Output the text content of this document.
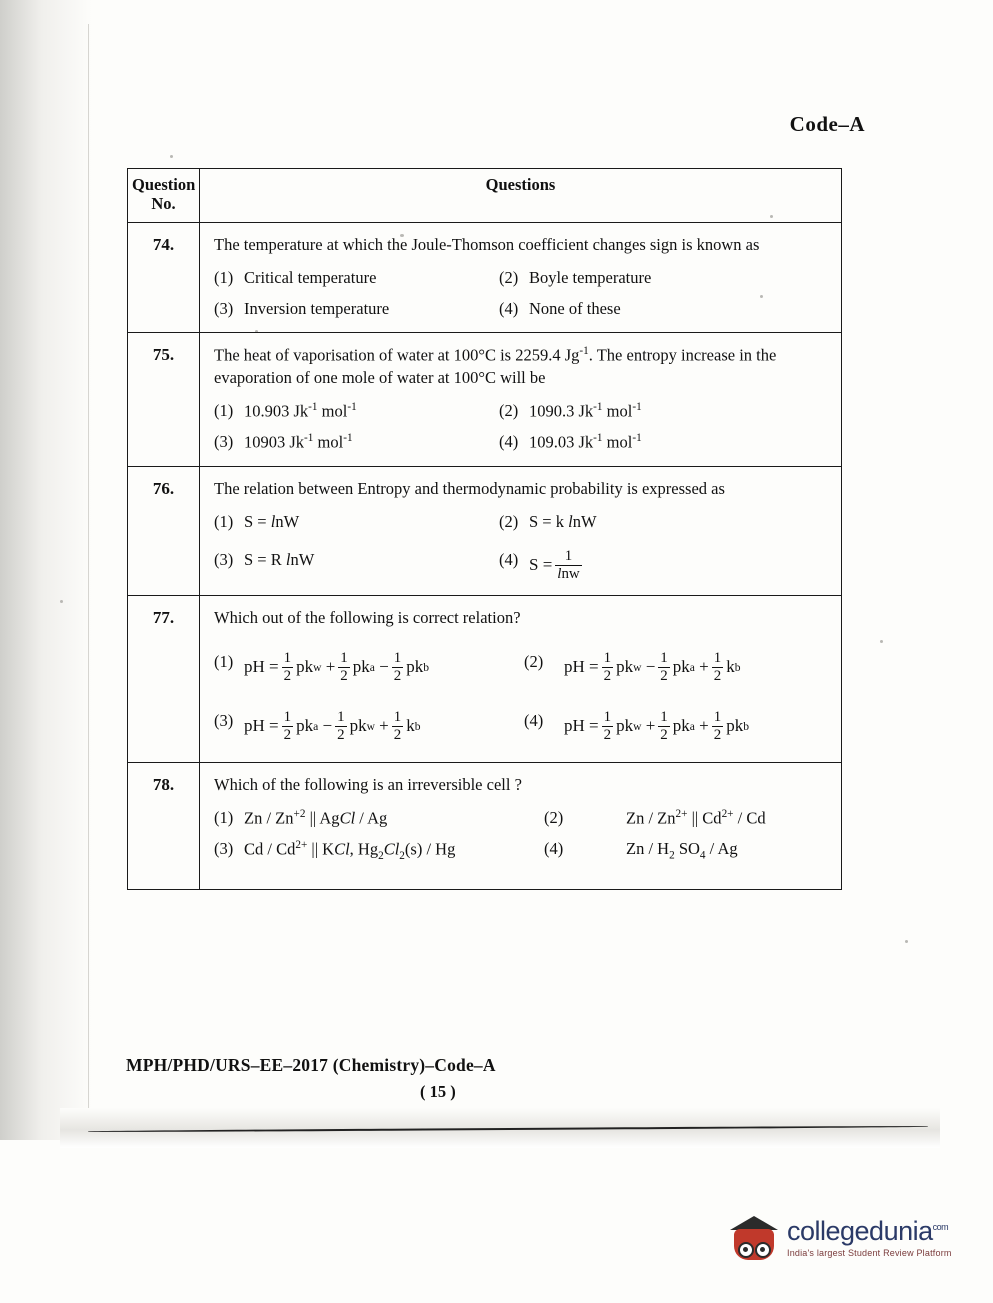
Code–A
Question
No.	Questions

74.	The temperature at which the Joule-Thomson coefficient changes sign is known as
(1) Critical temperature	(2) Boyle temperature
(3) Inversion temperature	(4) None of these

75.	The heat of vaporisation of water at 100°C is 2259.4 $Jg^{-1}$. The entropy increase in the evaporation of one mole of water at 100°C will be
(1) 10.903 $Jk^{-1}$ mol$^{-1}$	(2) 1090.3 $Jk^{-1}$ mol$^{-1}$
(3) 10903 $Jk^{-1}$ mol$^{-1}$	(4) 109.03 $Jk^{-1}$ mol$^{-1}$

76.	The relation between Entropy and thermodynamic probability is expressed as
(1) S = lnW	(2) S = k lnW
(3) S = R lnW	(4) $S = \frac{1}{\ln w}$

77.	Which out of the following is correct relation?
(1) pH = $\frac{1}{2}$ pk $w + \frac{1}{2}$ pk $a - \frac{1}{2}$ pk b	(2)	pH = $\frac{1}{2}$ pk $w - \frac{1}{2}$ pk $a + \frac{1}{2}$ k b
(3) pH = $\frac{1}{2}$ pk $a - \frac{1}{2}$ pk $w + \frac{1}{2}$ k b	(4)	pH = $\frac{1}{2}$ pk $w + \frac{1}{2}$ pk $a + \frac{1}{2}$ pk b

78.	Which of the following is an irreversible cell ?
(1) Zn / $Zn^{+2}$ || AgCl / Ag	(2)	Zn / $Zn^{2+}$ || $Cd^{2+}$ / Cd
(3) Cd / $Cd^{2+}$ || KCl, $Hg_2Cl_2(s)$ / Hg	(4)	Zn / $H_2$ $SO_4$ / Ag
MPH/PHD/URS–EE–2017 (Chemistry)–Code–A
( 15 )
collegedunia$^{com}$
India's largest Student Review Platform
